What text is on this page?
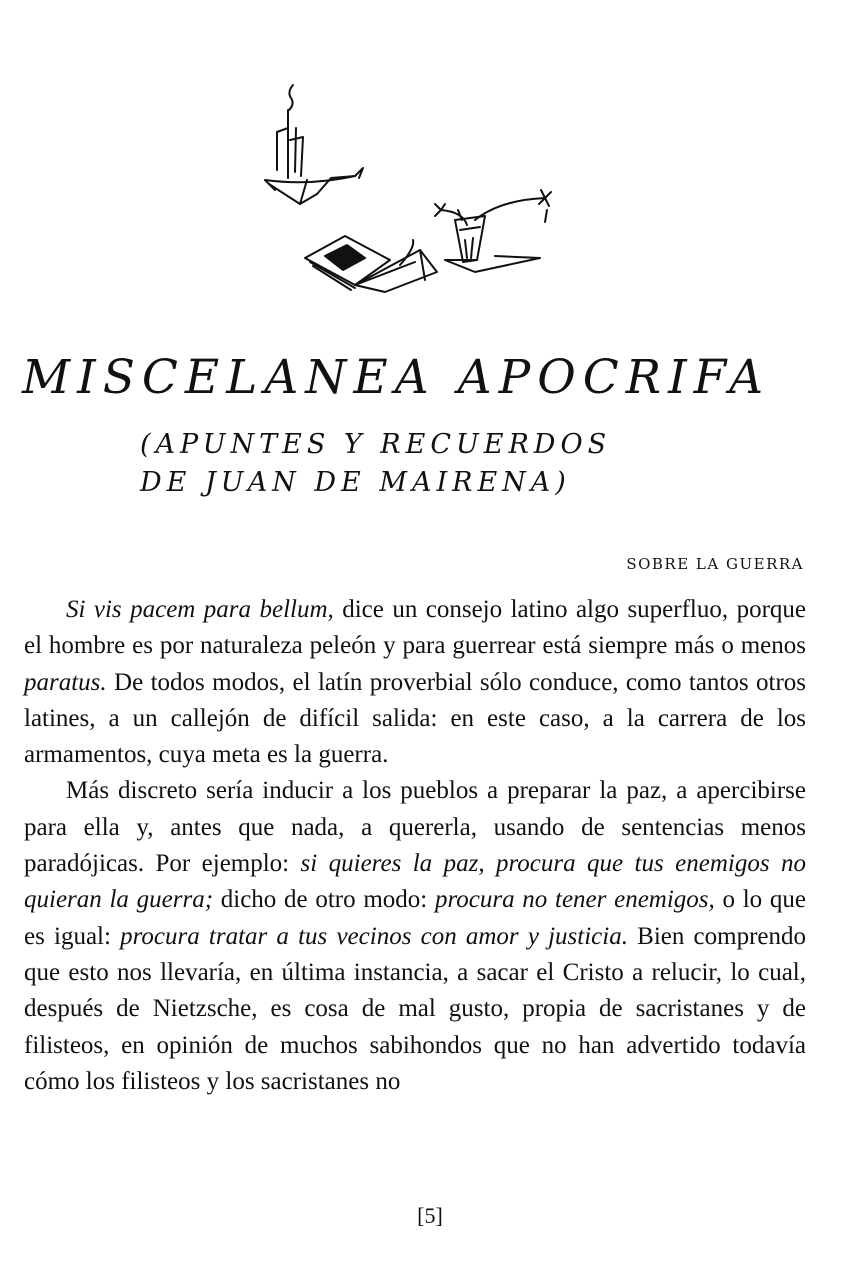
MISCELANEA APOCRIFA
(APUNTES Y RECUERDOS
DE JUAN DE MAIRENA)
SOBRE LA GUERRA

Si vis pacem para bellum, dice un consejo latino algo superfluo, porque el hombre es por naturaleza peleón y para guerrear está siempre más o menos paratus. De todos modos, el latín proverbial sólo conduce, como tantos otros latines, a un callejón de difícil salida: en este caso, a la carrera de los armamentos, cuya meta es la guerra.

Más discreto sería inducir a los pueblos a preparar la paz, a apercibirse para ella y, antes que nada, a quererla, usando de sentencias menos paradójicas. Por ejemplo: si quieres la paz, procura que tus enemigos no quieran la guerra; dicho de otro modo: procura no tener enemigos, o lo que es igual: procura tratar a tus vecinos con amor y justicia. Bien comprendo que esto nos llevaría, en última instancia, a sacar el Cristo a relucir, lo cual, después de Nietzsche, es cosa de mal gusto, propia de sacristanes y de filisteos, en opinión de muchos sabihondos que no han advertido todavía cómo los filisteos y los sacristanes no

[5]
